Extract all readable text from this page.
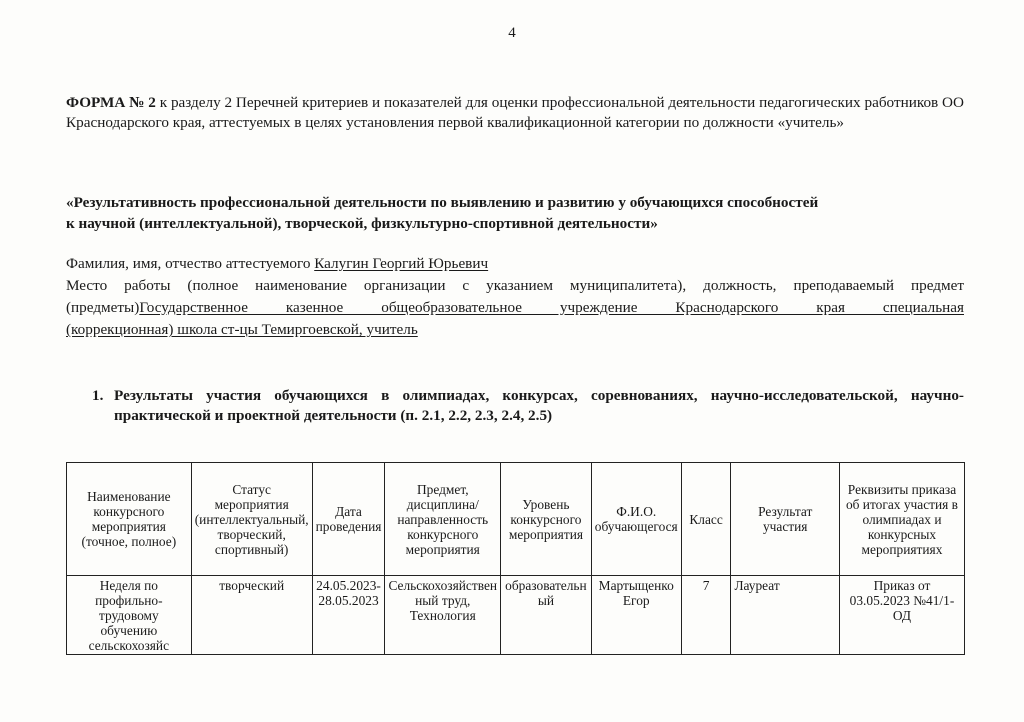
4
ФОРМА № 2 к разделу 2 Перечней критериев и показателей для оценки профессиональной деятельности педагогических работников ОО Краснодарского края, аттестуемых в целях установления первой квалификационной категории по должности «учитель»
«Результативность профессиональной деятельности по выявлению и развитию у обучающихся способностей
к научной (интеллектуальной), творческой, физкультурно-спортивной деятельности»
Фамилия, имя, отчество аттестуемого Калугин Георгий Юрьевич
Место работы (полное наименование организации с указанием муниципалитета), должность, преподаваемый предмет
(предметы)Государственное казенное общеобразовательное учреждение Краснодарского края специальная
(коррекционная) школа ст-цы Темиргоевской, учитель
1. Результаты участия обучающихся в олимпиадах, конкурсах, соревнованиях, научно-исследовательской, научно-практической и проектной деятельности (п. 2.1, 2.2, 2.3, 2.4, 2.5)
Наименование конкурсного мероприятия (точное, полное)	Статус мероприятия (интеллектуальный, творческий, спортивный)	Дата проведения	Предмет, дисциплина/ направленность конкурсного мероприятия	Уровень конкурсного мероприятия	Ф.И.О. обучающегося	Класс	Результат участия	Реквизиты приказа об итогах участия в олимпиадах и конкурсных мероприятиях

Неделя по профильно-трудовому обучению сельскохозяйс	творческий	24.05.2023-28.05.2023	Сельскохозяйственный труд, Технология	образовательный	Мартыщенко Егор	7	Лауреат	Приказ от 03.05.2023 №41/1-ОД
